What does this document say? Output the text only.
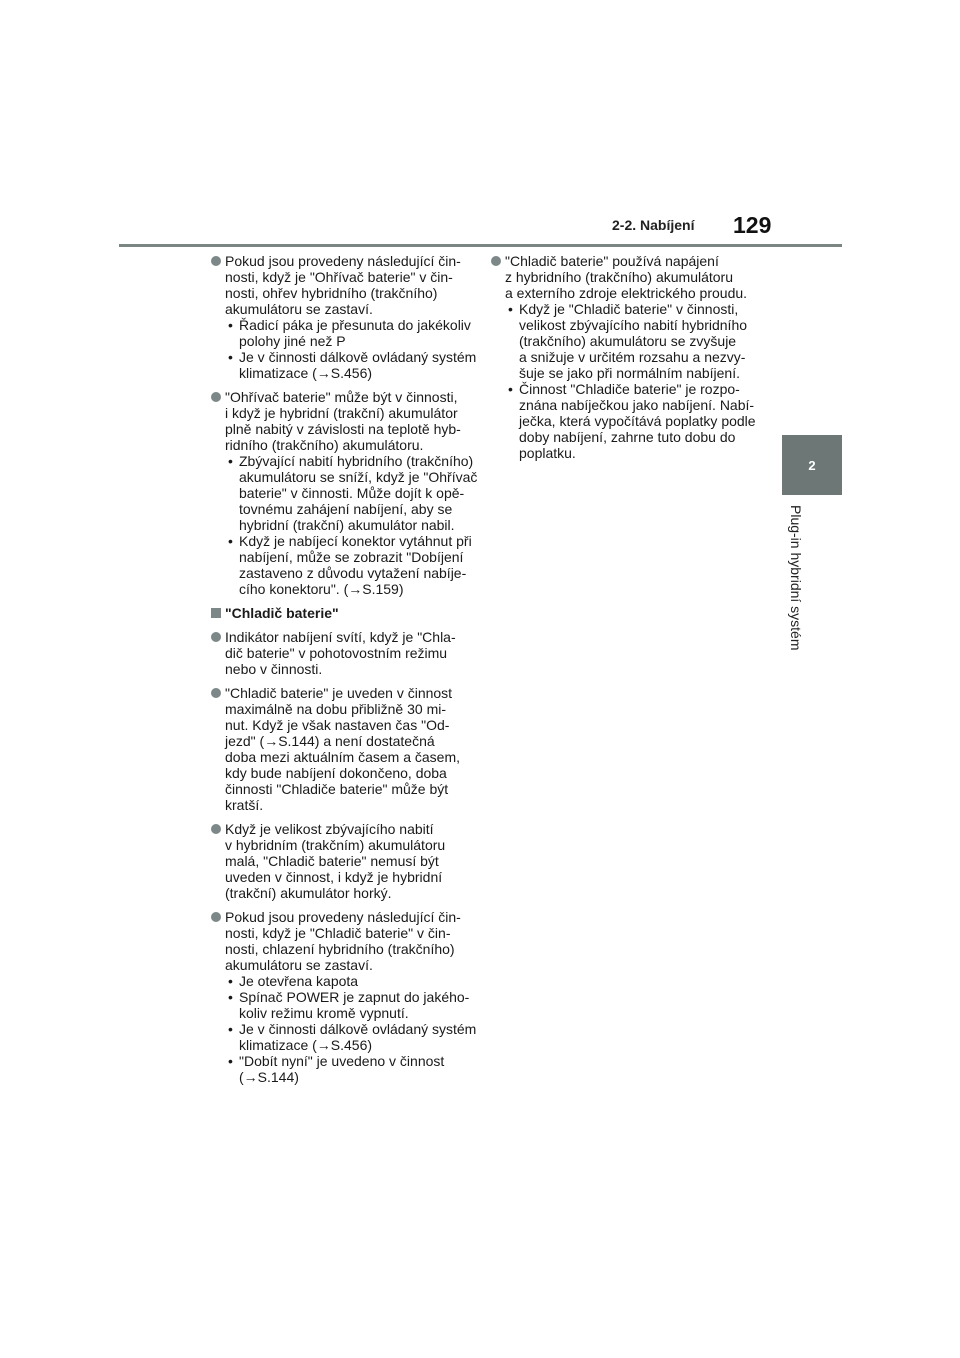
2-2. Nabíjení 129
2
Plug-in hybridní systém
Pokud jsou provedeny následující čin-
nosti, když je "Ohřívač baterie" v čin-
nosti, ohřev hybridního (trakčního)
akumulátoru se zastaví.
• Řadicí páka je přesunuta do jakékoliv
polohy jiné než P
• Je v činnosti dálkově ovládaný systém
klimatizace (→S.456)
"Ohřívač baterie" může být v činnosti,
i když je hybridní (trakční) akumulátor
plně nabitý v závislosti na teplotě hyb-
ridního (trakčního) akumulátoru.
• Zbývající nabití hybridního (trakčního)
akumulátoru se sníží, když je "Ohřívač
baterie" v činnosti. Může dojít k opě-
tovnému zahájení nabíjení, aby se
hybridní (trakční) akumulátor nabil.
• Když je nabíjecí konektor vytáhnut při
nabíjení, může se zobrazit "Dobíjení
zastaveno z důvodu vytažení nabíje-
cího konektoru". (→S.159)
"Chladič baterie"
Indikátor nabíjení svítí, když je "Chla-
dič baterie" v pohotovostním režimu
nebo v činnosti.
"Chladič baterie" je uveden v činnost
maximálně na dobu přibližně 30 mi-
nut. Když je však nastaven čas "Od-
jezd" (→S.144) a není dostatečná
doba mezi aktuálním časem a časem,
kdy bude nabíjení dokončeno, doba
činnosti "Chladiče baterie" může být
kratší.
Když je velikost zbývajícího nabití
v hybridním (trakčním) akumulátoru
malá, "Chladič baterie" nemusí být
uveden v činnost, i když je hybridní
(trakční) akumulátor horký.
Pokud jsou provedeny následující čin-
nosti, když je "Chladič baterie" v čin-
nosti, chlazení hybridního (trakčního)
akumulátoru se zastaví.
• Je otevřena kapota
• Spínač POWER je zapnut do jakého-
koliv režimu kromě vypnutí.
• Je v činnosti dálkově ovládaný systém
klimatizace (→S.456)
• "Dobít nyní" je uvedeno v činnost
(→S.144)
"Chladič baterie" používá napájení
z hybridního (trakčního) akumulátoru
a externího zdroje elektrického proudu.
• Když je "Chladič baterie" v činnosti,
velikost zbývajícího nabití hybridního
(trakčního) akumulátoru se zvyšuje
a snižuje v určitém rozsahu a nezvy-
šuje se jako při normálním nabíjení.
• Činnost "Chladiče baterie" je rozpo-
znána nabíječkou jako nabíjení. Nabí-
ječka, která vypočítává poplatky podle
doby nabíjení, zahrne tuto dobu do
poplatku.
